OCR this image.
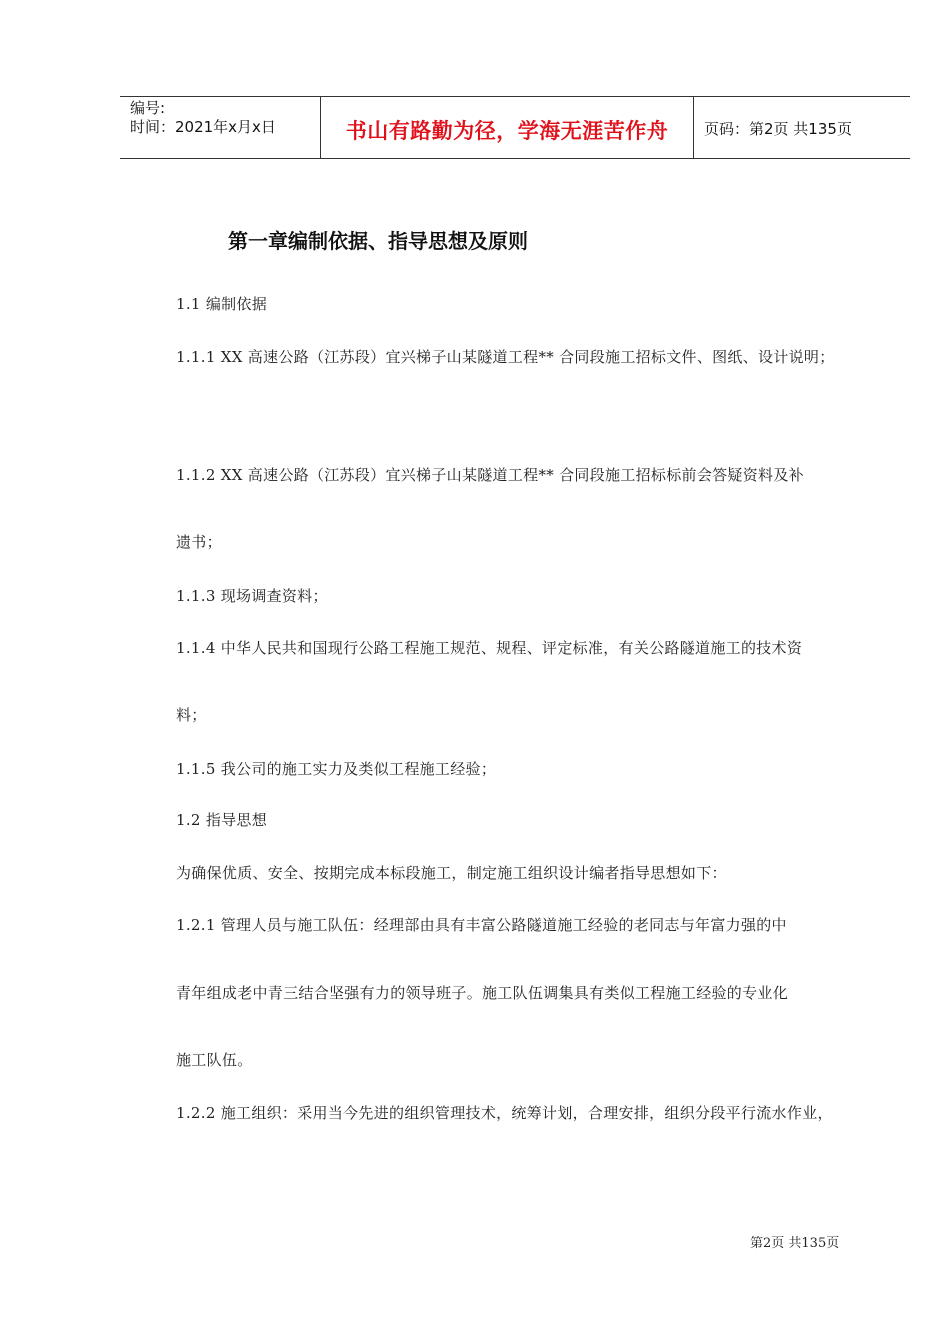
编号:
时间：2021年x月x日	书山有路勤为径，学海无涯苦作舟	页码：第2页 共135页
第一章编制依据、指导思想及原则
1.1 编制依据
1.1.1 XX 高速公路（江苏段）宜兴梯子山某隧道工程** 合同段施工招标文件、图纸、设计说明；
1.1.2 XX 高速公路（江苏段）宜兴梯子山某隧道工程** 合同段施工招标标前会答疑资料及补
遗书；
1.1.3 现场调查资料；
1.1.4 中华人民共和国现行公路工程施工规范、规程、评定标准，有关公路隧道施工的技术资
料；
1.1.5 我公司的施工实力及类似工程施工经验；
1.2 指导思想
为确保优质、安全、按期完成本标段施工，制定施工组织设计编者指导思想如下：
1.2.1 管理人员与施工队伍：经理部由具有丰富公路隧道施工经验的老同志与年富力强的中
青年组成老中青三结合坚强有力的领导班子。施工队伍调集具有类似工程施工经验的专业化
施工队伍。
1.2.2 施工组织：采用当今先进的组织管理技术，统筹计划，合理安排，组织分段平行流水作业，
第2页 共135页
